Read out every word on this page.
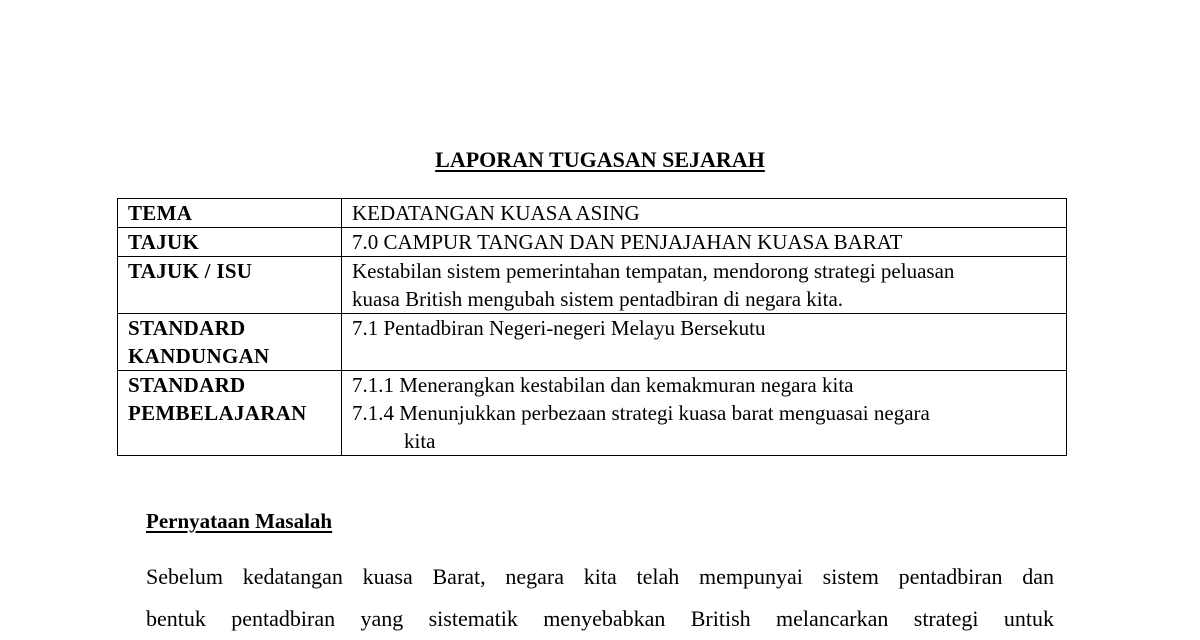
LAPORAN TUGASAN SEJARAH
TEMA	KEDATANGAN KUASA ASING
TAJUK	7.0 CAMPUR TANGAN DAN PENJAJAHAN KUASA BARAT
TAJUK / ISU	Kestabilan sistem pemerintahan tempatan, mendorong strategi peluasan
kuasa British mengubah sistem pentadbiran di negara kita.

STANDARD
KANDUNGAN	7.1 Pentadbiran Negeri-negeri Melayu Bersekutu

STANDARD
PEMBELAJARAN	7.1.1 Menerangkan kestabilan dan kemakmuran negara kita
7.1.4 Menunjukkan perbezaan strategi kuasa barat menguasai negara
kita
Pernyataan Masalah
Sebelum kedatangan kuasa Barat, negara kita telah mempunyai sistem pentadbiran dan
bentuk pentadbiran yang sistematik menyebabkan British melancarkan strategi untuk
